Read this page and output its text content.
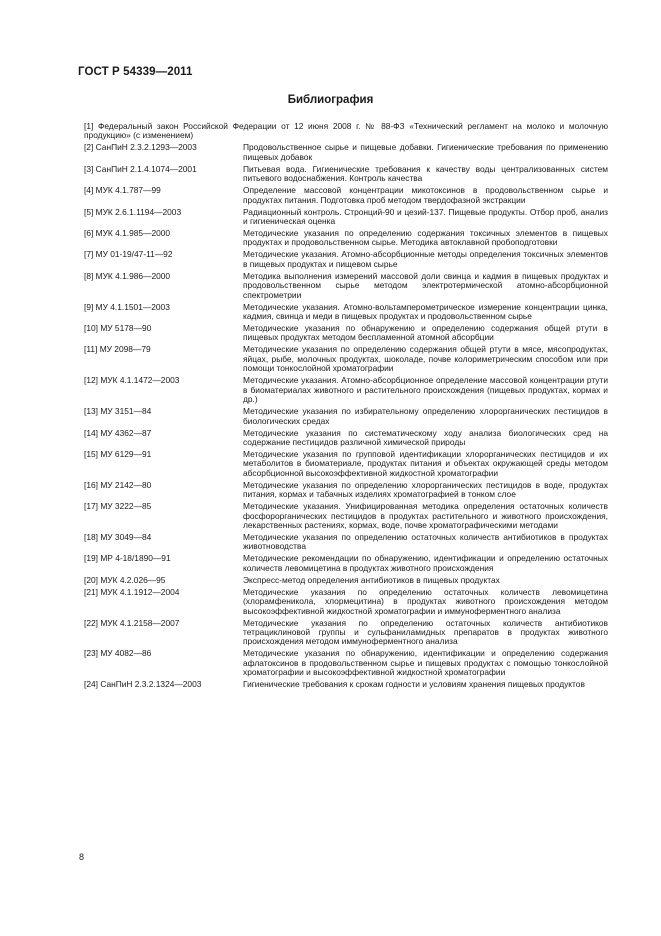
ГОСТ Р 54339—2011
Библиография
[1] Федеральный закон Российской Федерации от 12 июня 2008 г. № 88-ФЗ «Технический регламент на молоко и молочную продукцию» (с изменением)
[2] СанПиН 2.3.2.1293—2003	Продовольственное сырье и пищевые добавки. Гигиенические требования по применению пищевых добавок
[3] СанПиН 2.1.4.1074—2001	Питьевая вода. Гигиенические требования к качеству воды централизованных систем питьевого водоснабжения. Контроль качества
[4] МУК 4.1.787—99	Определение массовой концентрации микотоксинов в продовольственном сырье и продуктах питания. Подготовка проб методом твердофазной экстракции
[5] МУК 2.6.1.1194—2003	Радиационный контроль. Стронций-90 и цезий-137. Пищевые продукты. Отбор проб, анализ и гигиеническая оценка
[6] МУК 4.1.985—2000	Методические указания по определению содержания токсичных элементов в пищевых продуктах и продовольственном сырье. Методика автоклавной пробоподготовки
[7] МУ 01-19/47-11—92	Методические указания. Атомно-абсорбционные методы определения токсичных элементов в пищевых продуктах и пищевом сырье
[8] МУК 4.1.986—2000	Методика выполнения измерений массовой доли свинца и кадмия в пищевых продуктах и продовольственном сырье методом электротермической атомно-абсорбционной спектрометрии
[9] МУ 4.1.1501—2003	Методические указания. Атомно-вольтамперометрическое измерение концентрации цинка, кадмия, свинца и меди в пищевых продуктах и продовольственном сырье
[10] МУ 5178—90	Методические указания по обнаружению и определению содержания общей ртути в пищевых продуктах методом беспламенной атомной абсорбции
[11] МУ 2098—79	Методические указания по определению содержания общей ртути в мясе, мясопродуктах, яйцах, рыбе, молочных продуктах, шоколаде, почве колориметрическим способом или при помощи тонкослойной хроматографии
[12] МУК 4.1.1472—2003	Методические указания. Атомно-абсорбционное определение массовой концентрации ртути в биоматериалах животного и растительного происхождения (пищевых продуктах, кормах и др.)
[13] МУ 3151—84	Методические указания по избирательному определению хлорорганических пестицидов в биологических средах
[14] МУ 4362—87	Методические указания по систематическому ходу анализа биологических сред на содержание пестицидов различной химической природы
[15] МУ 6129—91	Методические указания по групповой идентификации хлорорганических пестицидов и их метаболитов в биоматериале, продуктах питания и объектах окружающей среды методом абсорбционной высокоэффективной жидкостной хроматографии
[16] МУ 2142—80	Методические указания по определению хлорорганических пестицидов в воде, продуктах питания, кормах и табачных изделиях хроматографией в тонком слое
[17] МУ 3222—85	Методические указания. Унифицированная методика определения остаточных количеств фосфорорганических пестицидов в продуктах растительного и животного происхождения, лекарственных растениях, кормах, воде, почве хроматографическими методами
[18] МУ 3049—84	Методические указания по определению остаточных количеств антибиотиков в продуктах животноводства
[19] МР 4-18/1890—91	Методические рекомендации по обнаружению, идентификации и определению остаточных количеств левомицетина в продуктах животного происхождения
[20] МУК 4.2.026—95	Экспресс-метод определения антибиотиков в пищевых продуктах
[21] МУК 4.1.1912—2004	Методические указания по определению остаточных количеств левомицетина (хлорамфеникола, хлормецитина) в продуктах животного происхождения методом высокоэффективной жидкостной хроматографии и иммуноферментного анализа
[22] МУК 4.1.2158—2007	Методические указания по определению остаточных количеств антибиотиков тетрациклиновой группы и сульфаниламидных препаратов в продуктах животного происхождения методом иммуноферментного анализа
[23] МУ 4082—86	Методические указания по обнаружению, идентификации и определению содержания афлатоксинов в продовольственном сырье и пищевых продуктах с помощью тонкослойной хроматографии и высокоэффективной жидкостной хроматографии
[24] СанПиН 2.3.2.1324—2003	Гигиенические требования к срокам годности и условиям хранения пищевых продуктов
8
